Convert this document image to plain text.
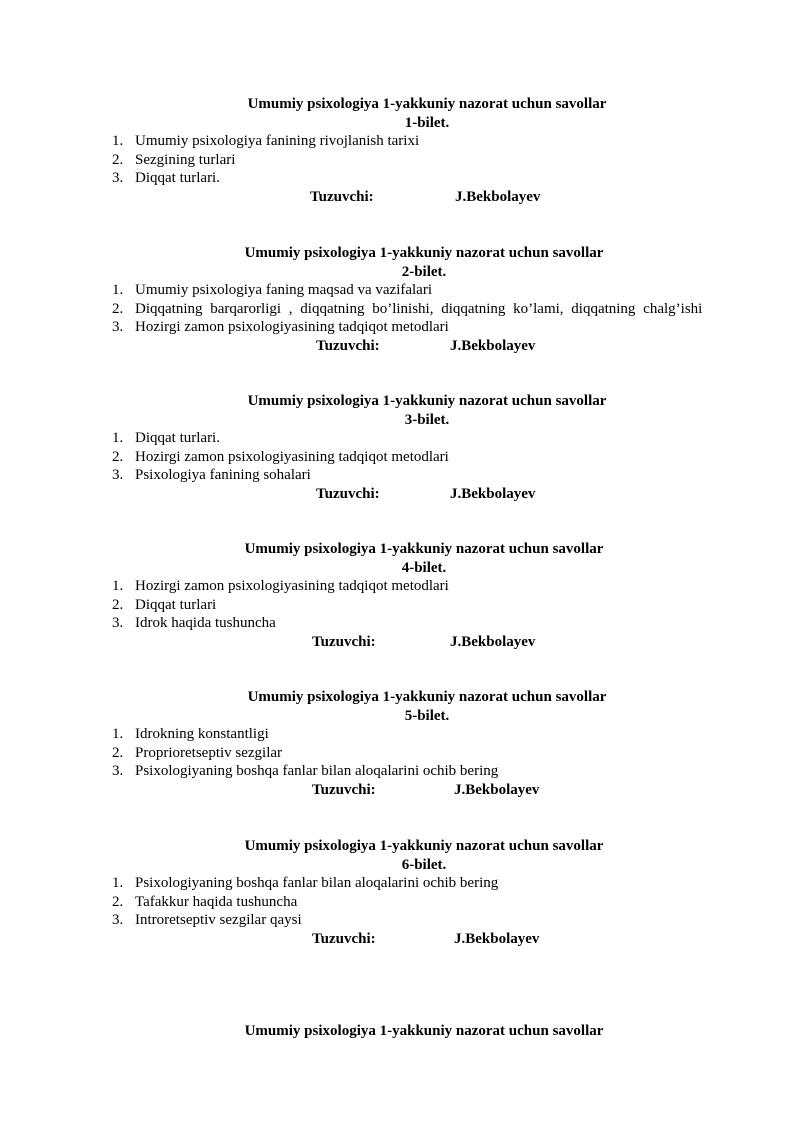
Umumiy psixologiya 1-yakkuniy nazorat uchun savollar
1-bilet.
1. Umumiy psixologiya fanining rivojlanish tarixi
2. Sezgining turlari
3. Diqqat turlari.
Tuzuvchi:	J.Bekbolayev
Umumiy psixologiya 1-yakkuniy nazorat uchun savollar
2-bilet.
1. Umumiy psixologiya faning maqsad va vazifalari
2. Diqqatning barqarorligi , diqqatning bo’linishi, diqqatning ko’lami, diqqatning chalg’ishi
3. Hozirgi zamon psixologiyasining tadqiqot metodlari
Tuzuvchi:	J.Bekbolayev
Umumiy psixologiya 1-yakkuniy nazorat uchun savollar
3-bilet.
1. Diqqat turlari.
2. Hozirgi zamon psixologiyasining tadqiqot metodlari
3. Psixologiya fanining sohalari
Tuzuvchi:	J.Bekbolayev
Umumiy psixologiya 1-yakkuniy nazorat uchun savollar
4-bilet.
1. Hozirgi zamon psixologiyasining tadqiqot metodlari
2. Diqqat turlari
3. Idrok haqida tushuncha
Tuzuvchi:	J.Bekbolayev
Umumiy psixologiya 1-yakkuniy nazorat uchun savollar
5-bilet.
1. Idrokning konstantligi
2. Proprioretseptiv sezgilar
3. Psixologiyaning boshqa fanlar bilan aloqalarini ochib bering
Tuzuvchi:	J.Bekbolayev
Umumiy psixologiya 1-yakkuniy nazorat uchun savollar
6-bilet.
1. Psixologiyaning boshqa fanlar bilan aloqalarini ochib bering
2. Tafakkur haqida tushuncha
3. Introretseptiv sezgilar qaysi
Tuzuvchi:	J.Bekbolayev
Umumiy psixologiya 1-yakkuniy nazorat uchun savollar
